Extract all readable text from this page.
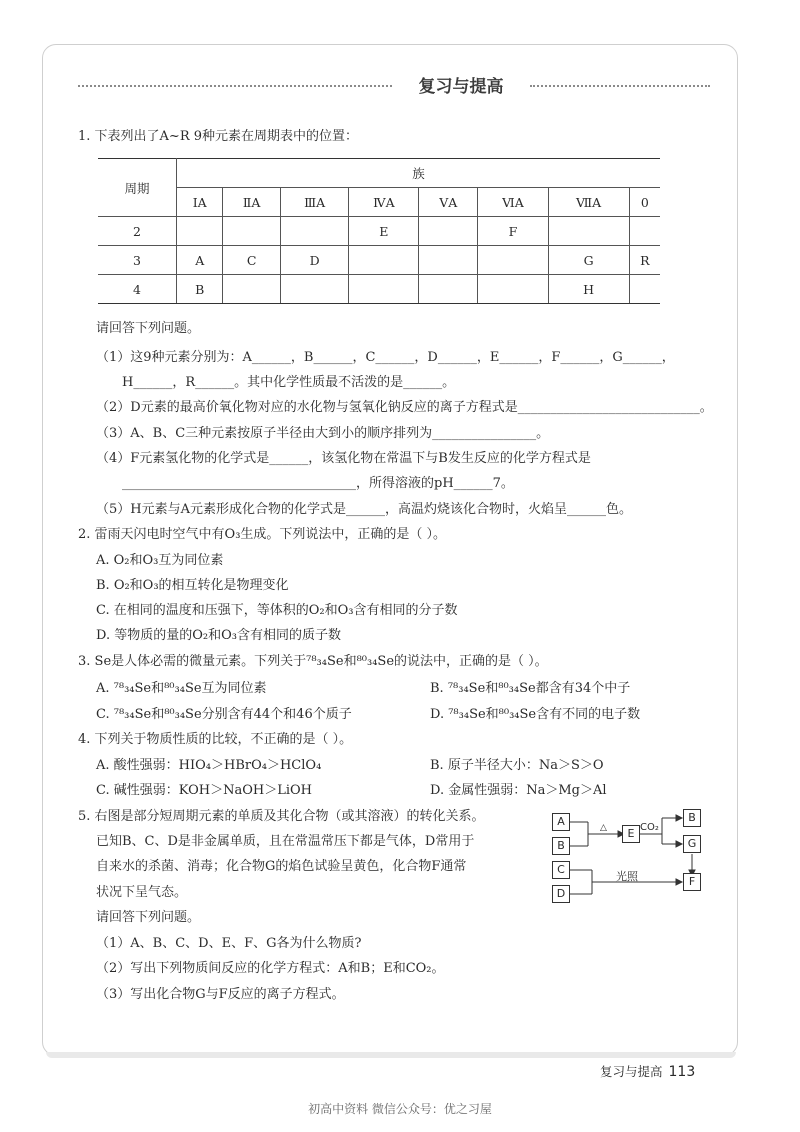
复习与提高
1. 下表列出了A~R 9种元素在周期表中的位置：
周期	族							
	ⅠA	ⅡA	ⅢA	ⅣA	ⅤA	ⅥA	ⅦA	0
2				E		F		
3	A	C	D				G	R
4	B						H	
请回答下列问题。
（1）这9种元素分别为：A______，B______，C______，D______，E______，F______，G______，
H______，R______。其中化学性质最不活泼的是______。
（2）D元素的最高价氧化物对应的水化物与氢氧化钠反应的离子方程式是____________________________。
（3）A、B、C三种元素按原子半径由大到小的顺序排列为________________。
（4）F元素氢化物的化学式是______，该氢化物在常温下与B发生反应的化学方程式是
____________________________________，所得溶液的pH______7。
（5）H元素与A元素形成化合物的化学式是______，高温灼烧该化合物时，火焰呈______色。
2. 雷雨天闪电时空气中有O₃生成。下列说法中，正确的是（ ）。
A. O₂和O₃互为同位素
B. O₂和O₃的相互转化是物理变化
C. 在相同的温度和压强下，等体积的O₂和O₃含有相同的分子数
D. 等物质的量的O₂和O₃含有相同的质子数
3. Se是人体必需的微量元素。下列关于⁷⁸₃₄Se和⁸⁰₃₄Se的说法中，正确的是（ ）。
A. ⁷⁸₃₄Se和⁸⁰₃₄Se互为同位素	B. ⁷⁸₃₄Se和⁸⁰₃₄Se都含有34个中子
C. ⁷⁸₃₄Se和⁸⁰₃₄Se分别含有44个和46个质子	D. ⁷⁸₃₄Se和⁸⁰₃₄Se含有不同的电子数
4. 下列关于物质性质的比较，不正确的是（ ）。
A. 酸性强弱：HIO₄＞HBrO₄＞HClO₄	B. 原子半径大小：Na＞S＞O
C. 碱性强弱：KOH＞NaOH＞LiOH	D. 金属性强弱：Na＞Mg＞Al
5. 右图是部分短周期元素的单质及其化合物（或其溶液）的转化关系。
已知B、C、D是非金属单质，且在常温常压下都是气体，D常用于
自来水的杀菌、消毒；化合物G的焰色试验呈黄色，化合物F通常
状况下呈气态。
请回答下列问题。
（1）A、B、C、D、E、F、G各为什么物质?
（2）写出下列物质间反应的化学方程式：A和B；E和CO₂。
（3）写出化合物G与F反应的离子方程式。
A
B
C
D
E
B
G
F
△	CO₂
光照
复习与提高 113
初高中资料 微信公众号：优之习屋
